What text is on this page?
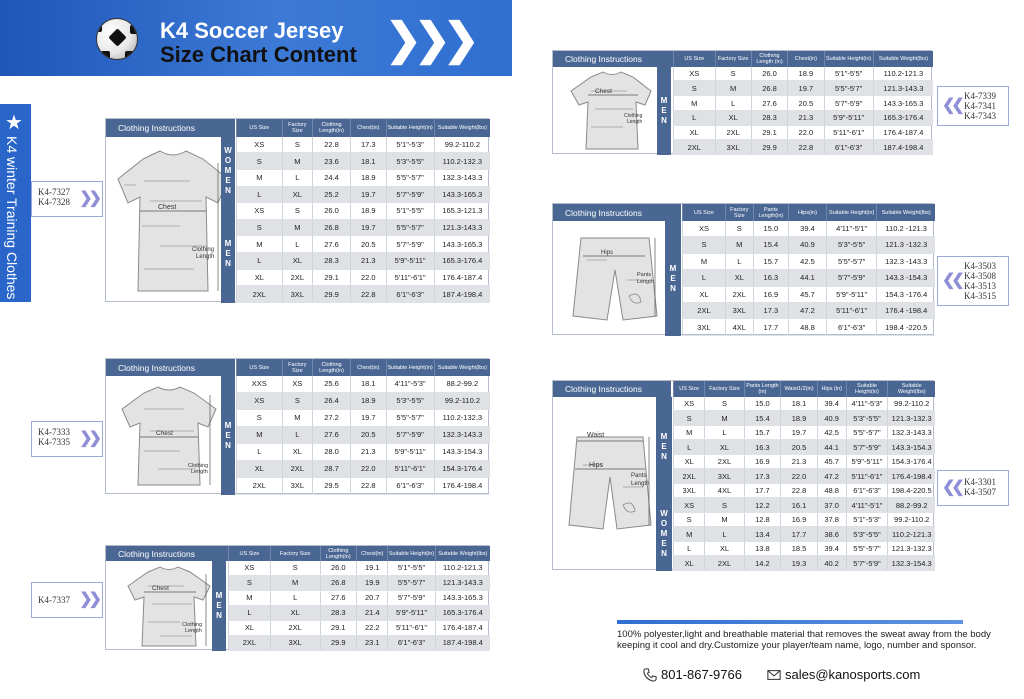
K4 Soccer Jersey
Size Chart Content ❯❯❯
★
K4 winter Training Clothes
Clothing Instructions
Chest
Clothing
Length
WOMEN
MEN
US Size	Factory Size	Clothing Length(in)	Chest(in)	Suitable Height(in)	Suitable Weight(lbs)
XS	S	22.8	17.3	5'1"-5'3"	99.2-110.2
S	M	23.6	18.1	5'3"-5'5"	110.2-132.3
M	L	24.4	18.9	5'5"-5'7"	132.3-143.3
L	XL	25.2	19.7	5'7"-5'9"	143.3-165.3
XS	S	26.0	18.9	5'1"-5'5"	165.3-121.3
S	M	26.8	19.7	5'5"-5'7"	121.3-143.3
M	L	27.6	20.5	5'7"-5'9"	143.3-165.3
L	XL	28.3	21.3	5'9"-5'11"	165.3-176.4
XL	2XL	29.1	22.0	5'11"-6'1"	176.4-187.4
2XL	3XL	29.9	22.8	6'1"-6'3"	187.4-198.4
K4-7327
K4-7328 ❯❯
Clothing Instructions
Chest
Clothing
Length
MEN
US Size	Factory Size	Clothing Length(in)	Chest(in)	Suitable Height(in)	Suitable Weight(lbs)
XXS	XS	25.6	18.1	4'11"-5'3"	88.2-99.2
XS	S	26.4	18.9	5'3"-5'5"	99.2-110.2
S	M	27.2	19.7	5'5"-5'7"	110.2-132.3
M	L	27.6	20.5	5'7"-5'9"	132.3-143.3
L	XL	28.0	21.3	5'9"-5'11"	143.3-154.3
XL	2XL	28.7	22.0	5'11"-6'1"	154.3-176.4
2XL	3XL	29.5	22.8	6'1"-6'3"	176.4-198.4
K4-7333
K4-7335 ❯❯
Clothing Instructions
Chest
Clothing
Length
MEN
US Size	Factory Size	Clothing Length(in)	Chest(in)	Suitable Height(in)	Suitable Weight(lbs)
XS	S	26.0	19.1	5'1"-5'5"	110.2-121.3
S	M	26.8	19.9	5'5"-5'7"	121.3-143.3
M	L	27.6	20.7	5'7"-5'9"	143.3-165.3
L	XL	28.3	21.4	5'9"-5'11"	165.3-176.4
XL	2XL	29.1	22.2	5'11"-6'1"	176.4-187.4
2XL	3XL	29.9	23.1	6'1"-6'3"	187.4-198.4
K4-7337 ❯❯
Clothing Instructions
Chest
Clothing
Length	MEN
US Size	Factory Size	Clothing Length (in)	Chest(in)	Suitable Height(in)	Suitable Weight(lbs)
XS	S	26.0	18.9	5'1"-5'5"	110.2-121.3
S	M	26.8	19.7	5'5"-5'7"	121.3-143.3
M	L	27.6	20.5	5'7"-5'9"	143.3-165.3
L	XL	28.3	21.3	5'9"-5'11"	165.3-176.4
XL	2XL	29.1	22.0	5'11"-6'1"	176.4-187.4
2XL	3XL	29.9	22.8	6'1"-6'3"	187.4-198.4
❮❮
K4-7339
K4-7341
K4-7343
Clothing Instructions
Hips
Pants
Length	MEN
US Size	Factory Size	Pants Length(in)	Hips(in)	Suitable Height(in)	Suitable Weight(lbs)
XS	S	15.0	39.4	4'11"-5'1"	110.2 -121.3
S	M	15.4	40.9	5'3"-5'5"	121.3 -132.3
M	L	15.7	42.5	5'5"-5'7"	132.3 -143.3
L	XL	16.3	44.1	5'7"-5'9"	143.3 -154.3
XL	2XL	16.9	45.7	5'9"-5'11"	154.3 -176.4
2XL	3XL	17.3	47.2	5'11"-6'1"	176.4 -198.4
3XL	4XL	17.7	48.8	6'1"-6'3"	198.4 -220.5
❮❮
K4-3503
K4-3508
K4-3513
K4-3515
Clothing Instructions
Waist
Hips
Pants
Length
MEN
WOMEN
US Size	Factory Size	Pants Length (in)	Waist1/2(in)	Hips (in)	Suitable Height(in)	Suitable Weight(lbs)
XS	S	15.0	18.1	39.4	4'11"-5'3"	99.2-110.2
S	M	15.4	18.9	40.9	5'3"-5'5"	121.3-132.3
M	L	15.7	19.7	42.5	5'5"-5'7"	132.3-143.3
L	XL	16.3	20.5	44.1	5'7"-5'9"	143.3-154.3
XL	2XL	16.9	21.3	45.7	5'9"-5'11"	154.3-176.4
2XL	3XL	17.3	22.0	47.2	5'11"-6'1"	176.4-198.4
3XL	4XL	17.7	22.8	48.8	6'1"-6'3"	198.4-220.5
XS	S	12.2	16.1	37.0	4'11"-5'1"	88.2-99.2
S	M	12.8	16.9	37.8	5'1"-5'3"	99.2-110.2
M	L	13.4	17.7	38.6	5'3"-5'5"	110.2-121.3
L	XL	13.8	18.5	39.4	5'5"-5'7"	121.3-132.3
XL	2XL	14.2	19.3	40.2	5'7"-5'9"	132.3-154.3
❮❮ K4-3301
K4-3507
100% polyester,light and breathable material that removes the sweat away from the body keeping it cool and dry.Customize your player/team name, logo, number and sponsor.
801-867-9766	sales@kanosports.com
